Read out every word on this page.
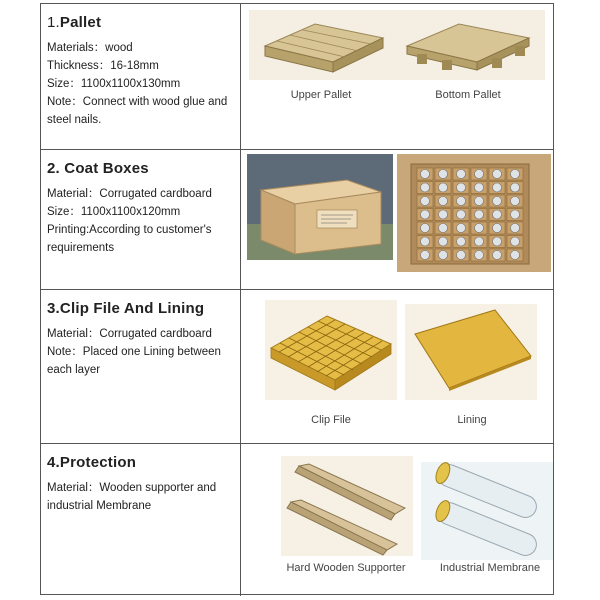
1.Pallet
Materials：wood
Thickness：16-18mm
Size：1100x1100x130mm
Note：Connect with wood glue and
steel nails.
Upper Pallet	Bottom Pallet
2. Coat Boxes
Material：Corrugated cardboard
Size：1100x1100x120mm
Printing:According to customer's
requirements
3.Clip File And Lining
Material：Corrugated cardboard
Note：Placed one Lining between
each layer
Clip File	Lining
4.Protection
Material：Wooden supporter and
industrial Membrane
Hard Wooden Supporter	Industrial Membrane
